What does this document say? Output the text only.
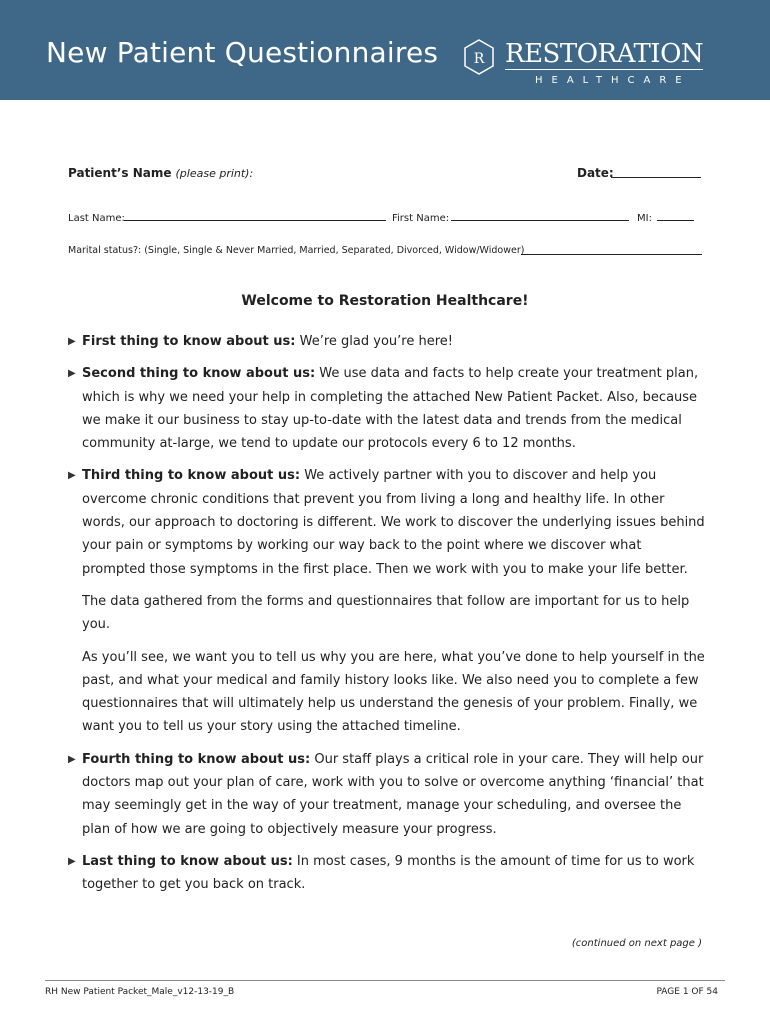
New Patient Questionnaires	R RESTORATION
HEALTHCARE
Patient’s Name (please print):	Date:
Last Name:	First Name:	MI:
Marital status?: (Single, Single & Never Married, Married, Separated, Divorced, Widow/Widower)
Welcome to Restoration Healthcare!
▶ First thing to know about us: We’re glad you’re here!
▶ Second thing to know about us: We use data and facts to help create your treatment plan, which is why we need your help in completing the attached New Patient Packet. Also, because we make it our business to stay up-to-date with the latest data and trends from the medical community at-large, we tend to update our protocols every 6 to 12 months.
▶ Third thing to know about us: We actively partner with you to discover and help you overcome chronic conditions that prevent you from living a long and healthy life. In other words, our approach to doctoring is different. We work to discover the underlying issues behind your pain or symptoms by working our way back to the point where we discover what prompted those symptoms in the first place. Then we work with you to make your life better.
The data gathered from the forms and questionnaires that follow are important for us to help you.
As you’ll see, we want you to tell us why you are here, what you’ve done to help yourself in the past, and what your medical and family history looks like. We also need you to complete a few questionnaires that will ultimately help us understand the genesis of your problem. Finally, we want you to tell us your story using the attached timeline.
▶ Fourth thing to know about us: Our staff plays a critical role in your care. They will help our doctors map out your plan of care, work with you to solve or overcome anything ‘financial’ that may seemingly get in the way of your treatment, manage your scheduling, and oversee the plan of how we are going to objectively measure your progress.
▶ Last thing to know about us: In most cases, 9 months is the amount of time for us to work together to get you back on track.
(continued on next page )
RH New Patient Packet_Male_v12-13-19_B	PAGE 1 OF 54
